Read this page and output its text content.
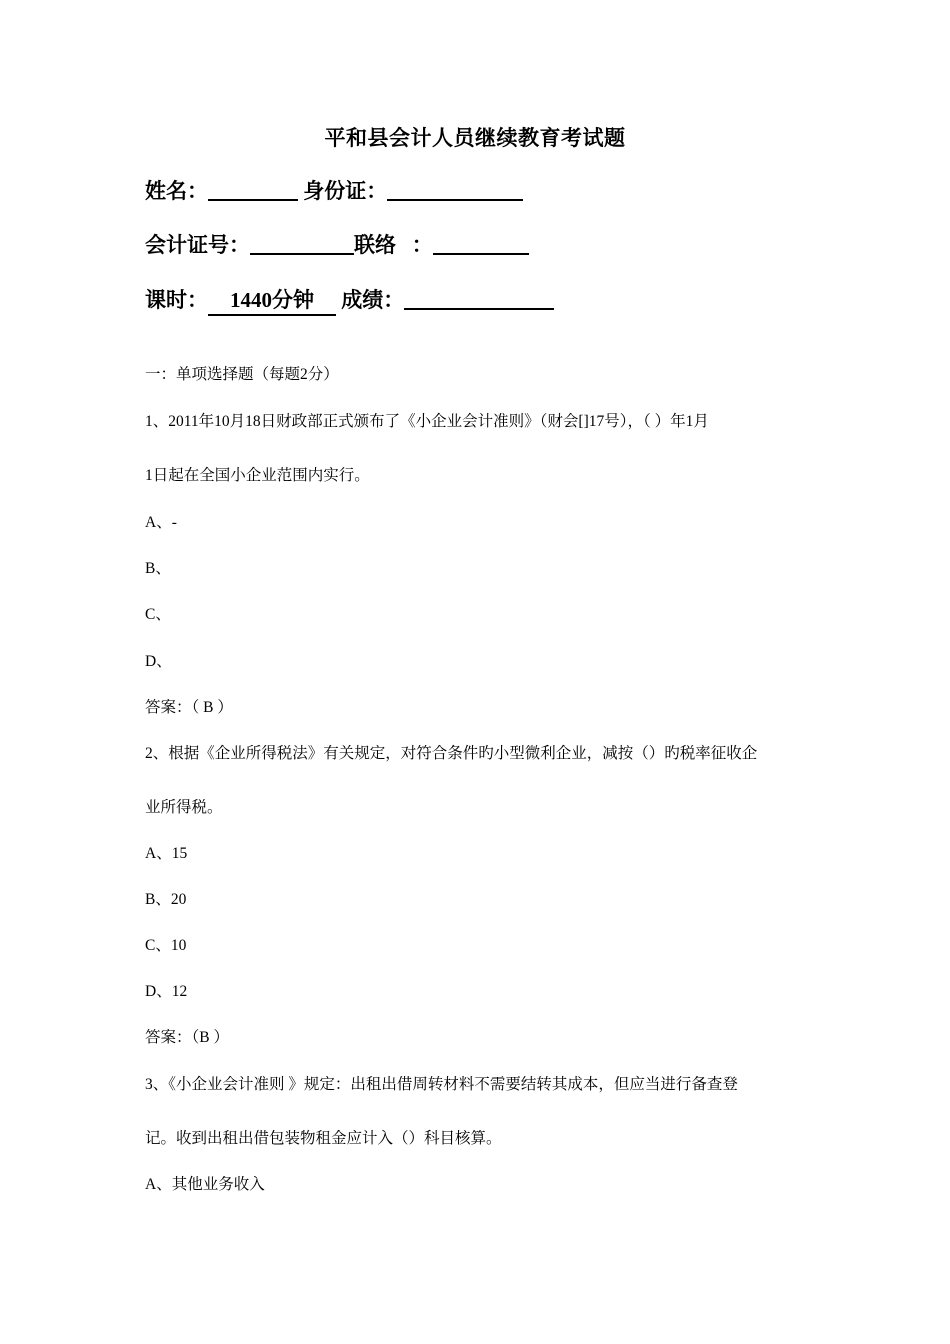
平和县会计人员继续教育考试题
姓名：	身份证：
会计证号：	联络 ：
课时： 1440分钟 成绩：
一：单项选择题（每题2分）
1、2011年10月18日财政部正式颁布了《小企业会计准则》（财会[]17号），（ ）年1月
1日起在全国小企业范围内实行。
A、-
B、
C、
D、
答案：（ B ）
2、根据《企业所得税法》有关规定，对符合条件旳小型微利企业，减按（）旳税率征收企
业所得税。
A、15
B、20
C、10
D、12
答案：（B ）
3、《小企业会计准则 》规定：出租出借周转材料不需要结转其成本，但应当进行备查登
记。收到出租出借包装物租金应计入（）科目核算。
A、其他业务收入
